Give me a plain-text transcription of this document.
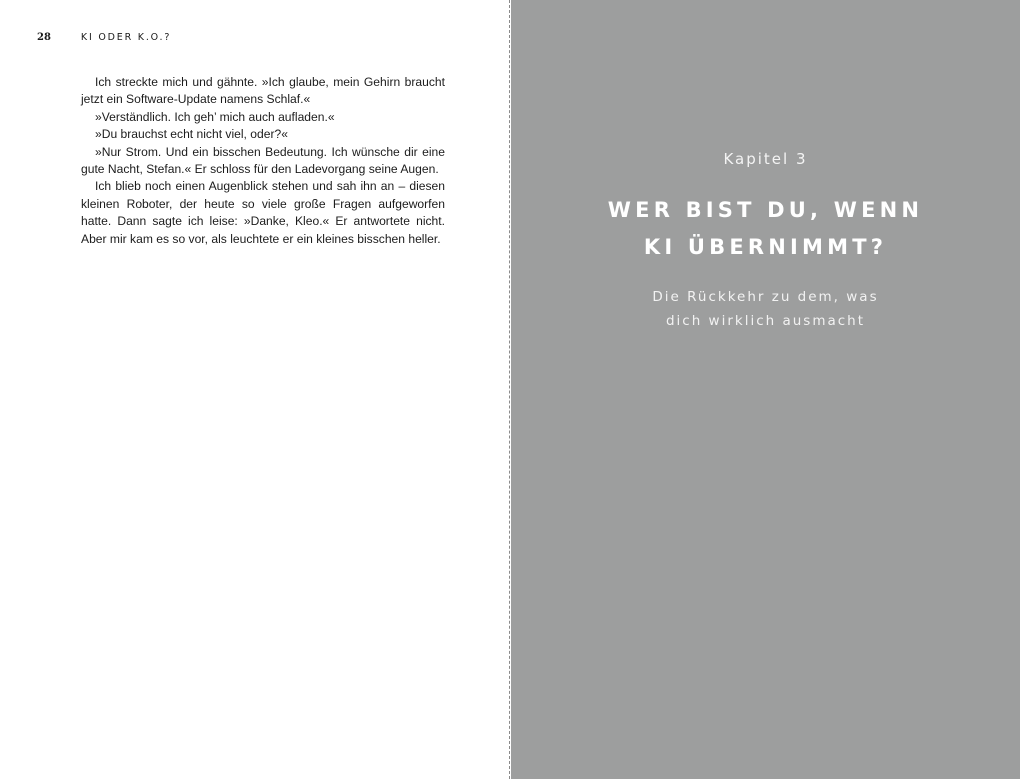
28	KI ODER K.O.?

Ich streckte mich und gähnte. »Ich glaube, mein Gehirn braucht jetzt ein Software-Update namens Schlaf.«

»Verständlich. Ich geh’ mich auch aufladen.«

»Du brauchst echt nicht viel, oder?«

»Nur Strom. Und ein bisschen Bedeutung. Ich wünsche dir eine gute Nacht, Stefan.« Er schloss für den Ladevorgang seine Augen.

Ich blieb noch einen Augenblick stehen und sah ihn an – diesen kleinen Roboter, der heute so viele große Fragen aufgeworfen hatte. Dann sagte ich leise: »Danke, Kleo.« Er antwortete nicht. Aber mir kam es so vor, als leuchtete er ein kleines bisschen heller.

Kapitel 3
WER BIST DU, WENN
KI ÜBERNIMMT?
Die Rückkehr zu dem, was
dich wirklich ausmacht
